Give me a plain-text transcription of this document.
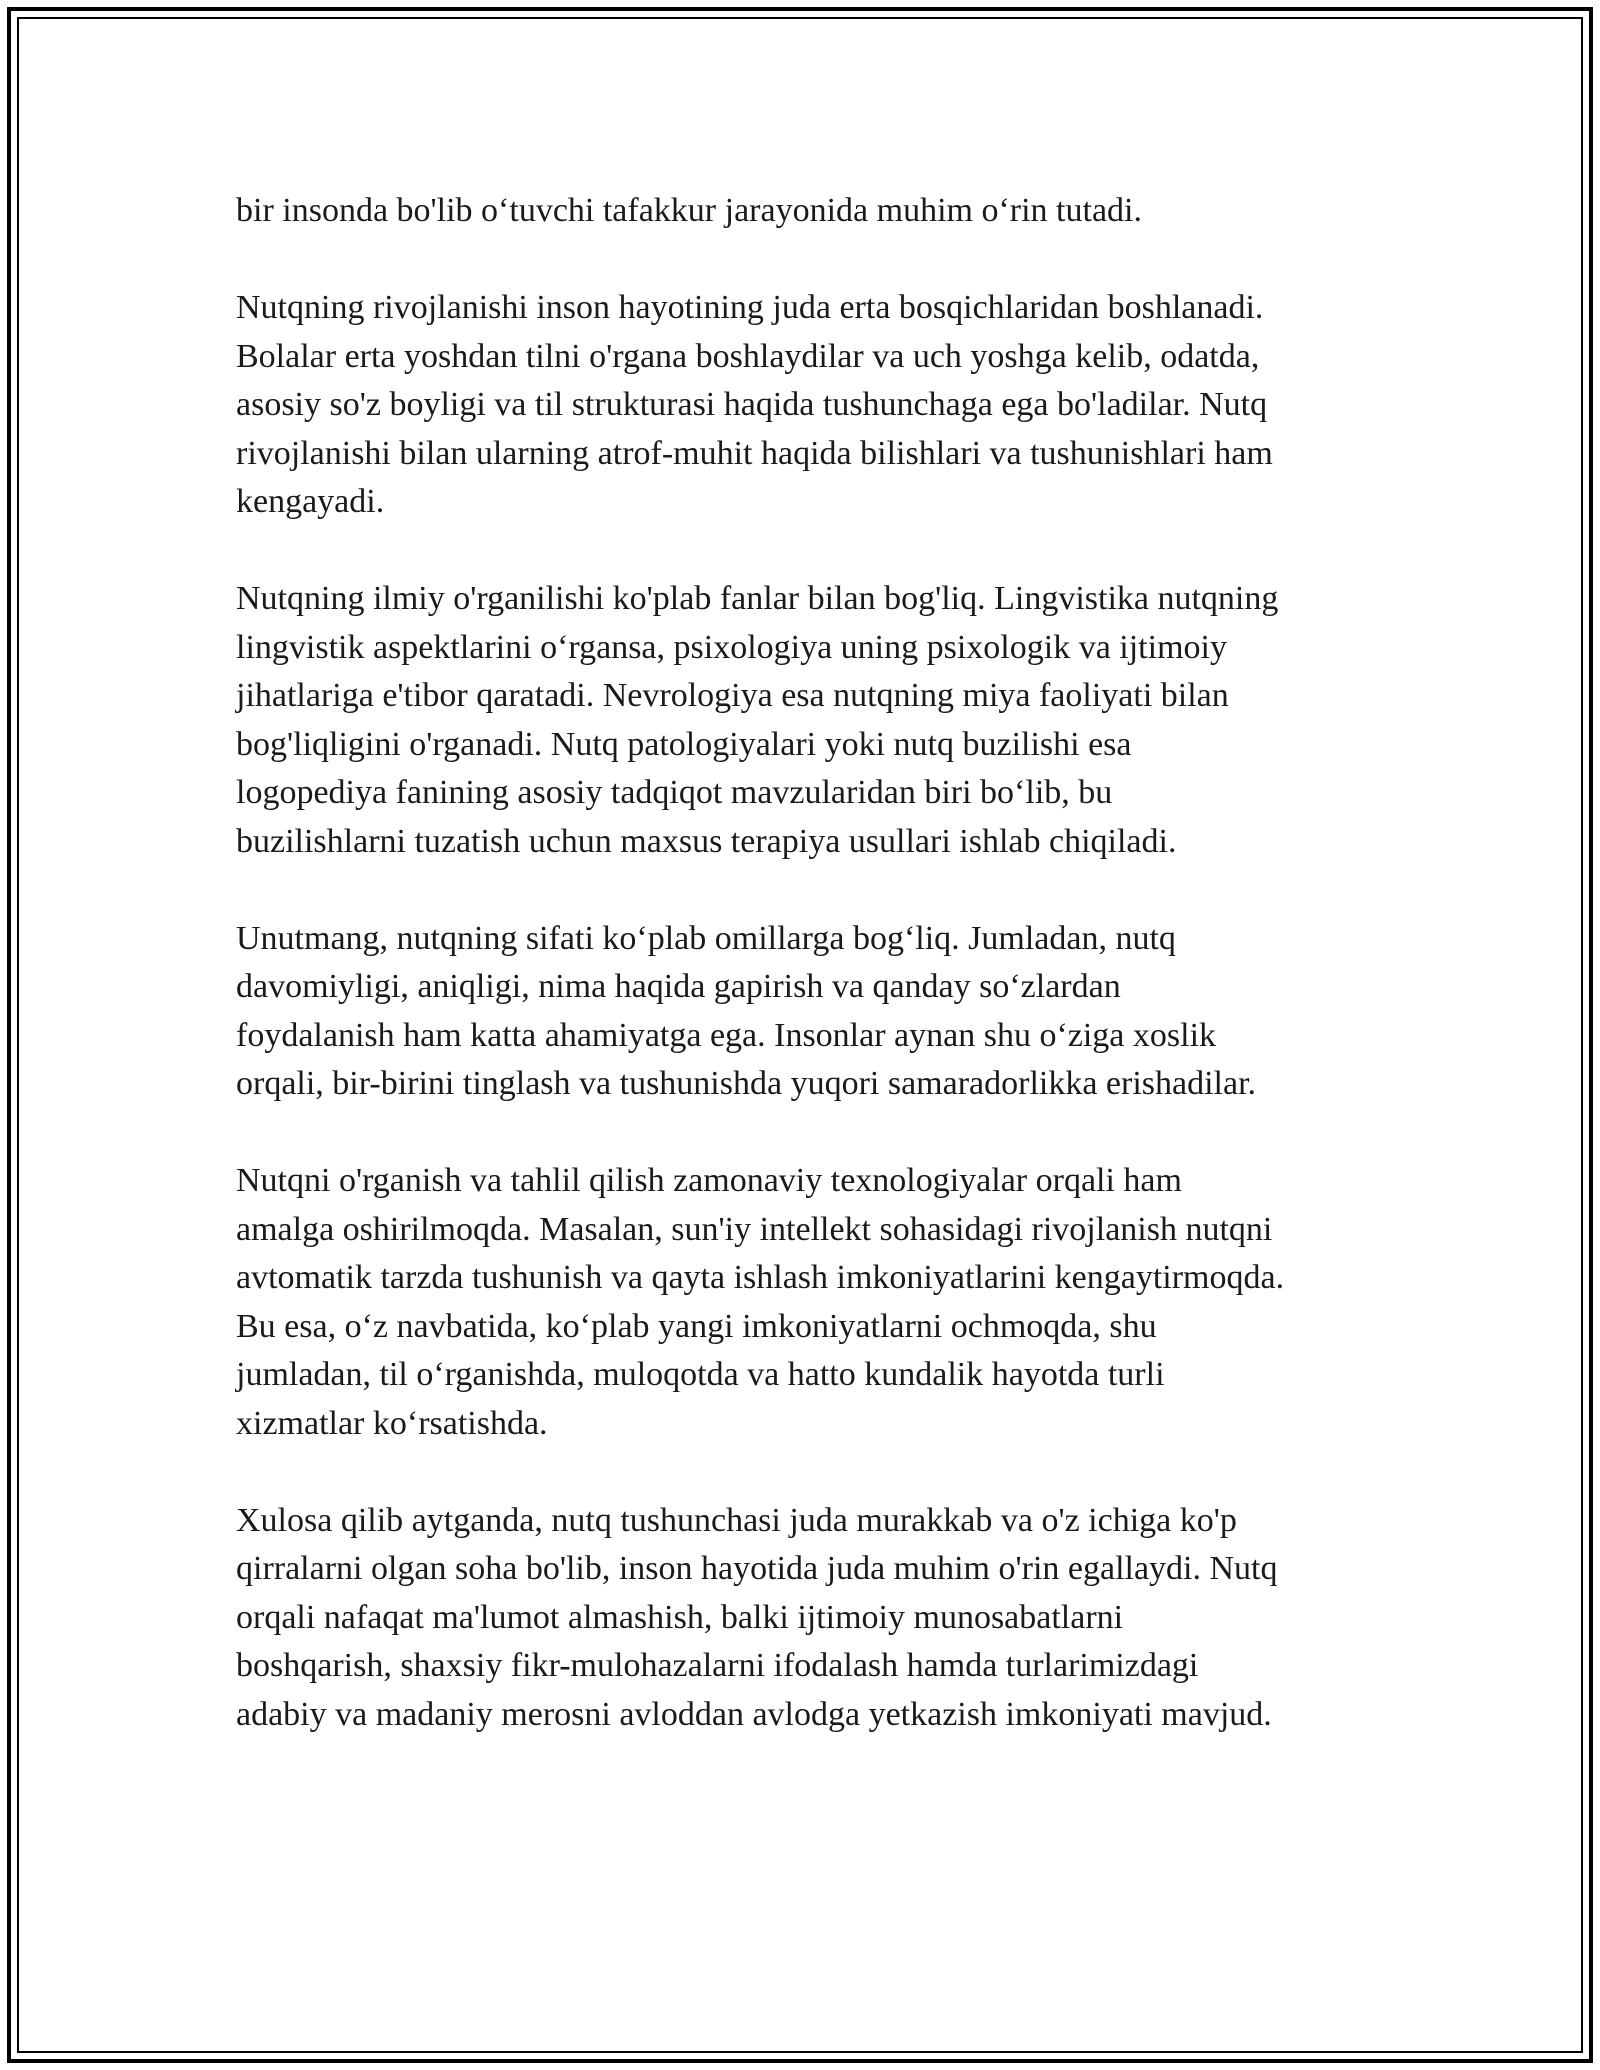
bir insonda bo'lib o‘tuvchi tafakkur jarayonida muhim o‘rin tutadi.

Nutqning rivojlanishi inson hayotining juda erta bosqichlaridan boshlanadi.
Bolalar erta yoshdan tilni o'rgana boshlaydilar va uch yoshga kelib, odatda,
asosiy so'z boyligi va til strukturasi haqida tushunchaga ega bo'ladilar. Nutq
rivojlanishi bilan ularning atrof-muhit haqida bilishlari va tushunishlari ham
kengayadi.

Nutqning ilmiy o'rganilishi ko'plab fanlar bilan bog'liq. Lingvistika nutqning
lingvistik aspektlarini o‘rgansa, psixologiya uning psixologik va ijtimoiy
jihatlariga e'tibor qaratadi. Nevrologiya esa nutqning miya faoliyati bilan
bog'liqligini o'rganadi. Nutq patologiyalari yoki nutq buzilishi esa
logopediya fanining asosiy tadqiqot mavzularidan biri bo‘lib, bu
buzilishlarni tuzatish uchun maxsus terapiya usullari ishlab chiqiladi.

Unutmang, nutqning sifati ko‘plab omillarga bog‘liq. Jumladan, nutq
davomiyligi, aniqligi, nima haqida gapirish va qanday so‘zlardan
foydalanish ham katta ahamiyatga ega. Insonlar aynan shu o‘ziga xoslik
orqali, bir-birini tinglash va tushunishda yuqori samaradorlikka erishadilar.

Nutqni o'rganish va tahlil qilish zamonaviy texnologiyalar orqali ham
amalga oshirilmoqda. Masalan, sun'iy intellekt sohasidagi rivojlanish nutqni
avtomatik tarzda tushunish va qayta ishlash imkoniyatlarini kengaytirmoqda.
Bu esa, o‘z navbatida, ko‘plab yangi imkoniyatlarni ochmoqda, shu
jumladan, til o‘rganishda, muloqotda va hatto kundalik hayotda turli
xizmatlar ko‘rsatishda.

Xulosa qilib aytganda, nutq tushunchasi juda murakkab va o'z ichiga ko'p
qirralarni olgan soha bo'lib, inson hayotida juda muhim o'rin egallaydi. Nutq
orqali nafaqat ma'lumot almashish, balki ijtimoiy munosabatlarni
boshqarish, shaxsiy fikr-mulohazalarni ifodalash hamda turlarimizdagi
adabiy va madaniy merosni avloddan avlodga yetkazish imkoniyati mavjud.
